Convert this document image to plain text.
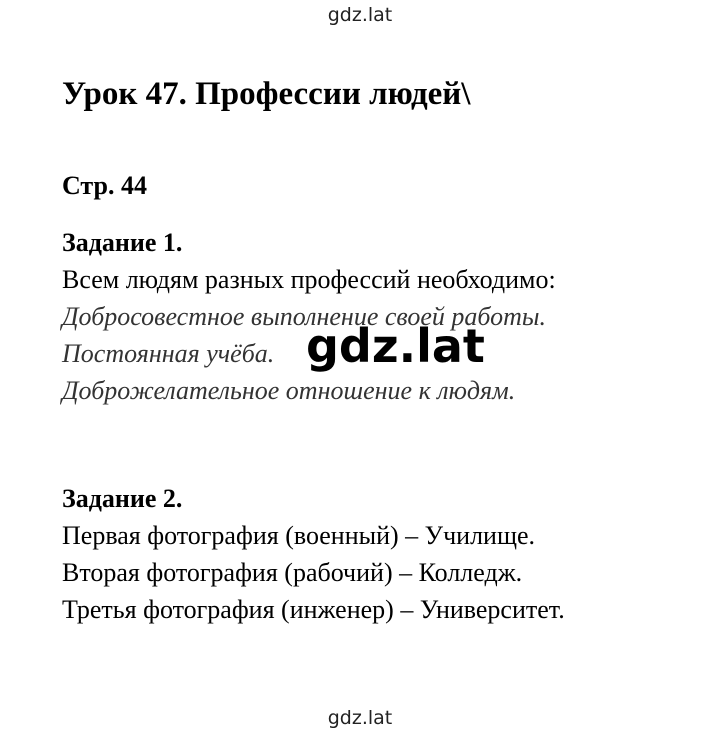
gdz.lat
Урок 47. Профессии людей\
Стр. 44
Задание 1.
Всем людям разных профессий необходимо:
Добросовестное выполнение своей работы.
Постоянная учёба.
Доброжелательное отношение к людям.
Задание 2.
Первая фотография (военный) – Училище.
Вторая фотография (рабочий) – Колледж.
Третья фотография (инженер) – Университет.
gdz.lat
gdz.lat
